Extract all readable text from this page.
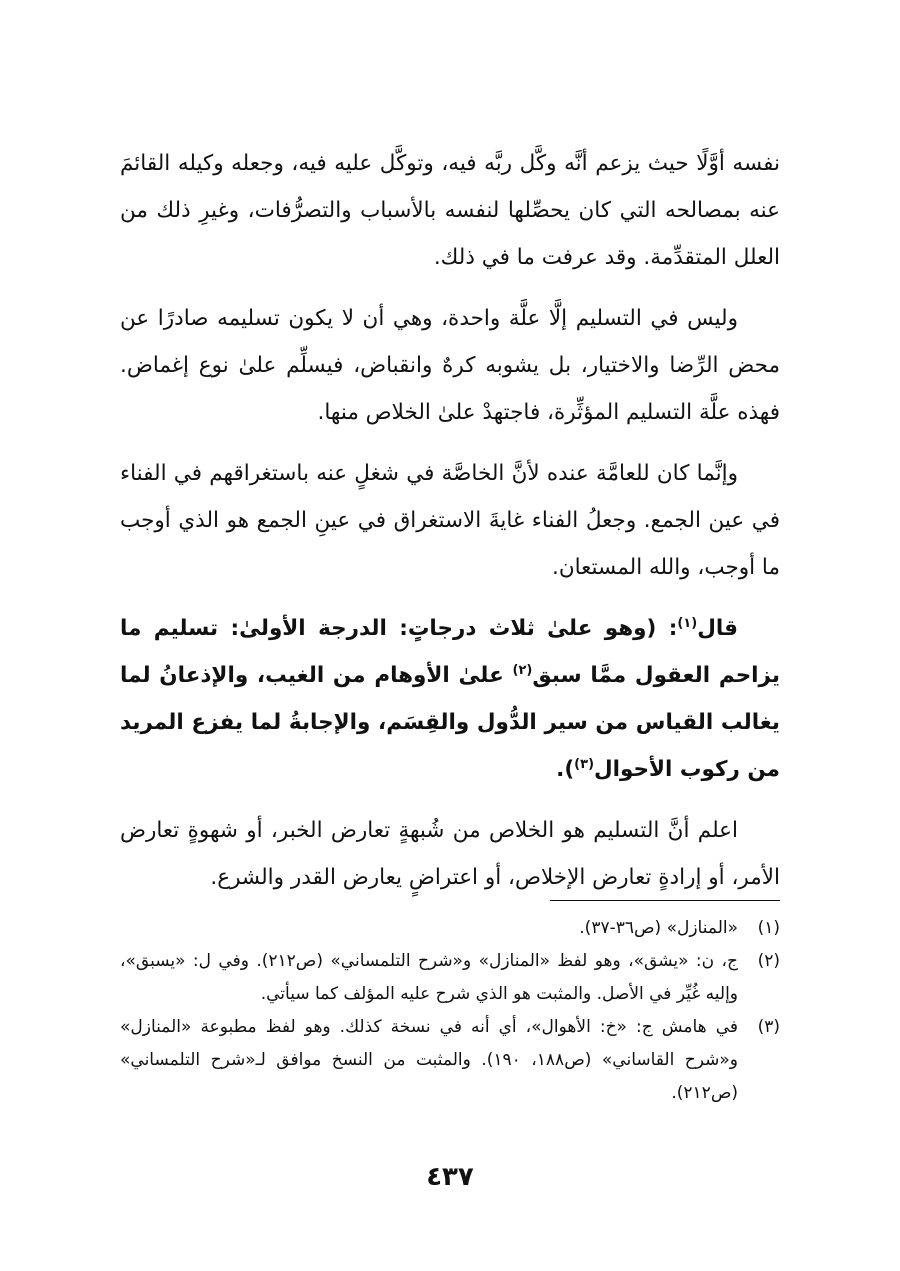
نفسه أوَّلًا حيث يزعم أنَّه وكَّل ربَّه فيه، وتوكَّل عليه فيه، وجعله وكيله القائمَ عنه بمصالحه التي كان يحصِّلها لنفسه بالأسباب والتصرُّفات، وغيرِ ذلك من العلل المتقدِّمة. وقد عرفت ما في ذلك.

وليس في التسليم إلَّا علَّة واحدة، وهي أن لا يكون تسليمه صادرًا عن محض الرِّضا والاختيار، بل يشوبه كرهٌ وانقباض، فيسلِّم علىٰ نوع إغماض. فهذه علَّة التسليم المؤثِّرة، فاجتهدْ علىٰ الخلاص منها.

وإنَّما كان للعامَّة عنده لأنَّ الخاصَّة في شغلٍ عنه باستغراقهم في الفناء في عين الجمع. وجعلُ الفناء غايةَ الاستغراق في عينِ الجمع هو الذي أوجب ما أوجب، والله المستعان.

قال$^{(١)}$: (وهو علىٰ ثلاث درجاتٍ: الدرجة الأولىٰ: تسليم ما يزاحم العقول ممَّا سبق$^{(٢)}$ علىٰ الأوهام من الغيب، والإذعانُ لما يغالب القياس من سير الدُّول والقِسَم، والإجابةُ لما يفزع المريد من ركوب الأحوال$^{(٣)}$).

اعلم أنَّ التسليم هو الخلاص من شُبهةٍ تعارض الخبر، أو شهوةٍ تعارض الأمر، أو إرادةٍ تعارض الإخلاص، أو اعتراضٍ يعارض القدر والشرع.

(١)
«المنازل» (ص٣٦-٣٧).
(٢)
ج، ن: «يشق»، وهو لفظ «المنازل» و«شرح التلمساني» (ص٢١٢). وفي ل: «يسبق»، وإليه غُيِّر في الأصل. والمثبت هو الذي شرح عليه المؤلف كما سيأتي.
(٣)
في هامش ج: «خ: الأهوال»، أي أنه في نسخة كذلك. وهو لفظ مطبوعة «المنازل» و«شرح القاساني» (ص١٨٨، ١٩٠). والمثبت من النسخ موافق لـ«شرح التلمساني» (ص٢١٢).
٤٣٧
